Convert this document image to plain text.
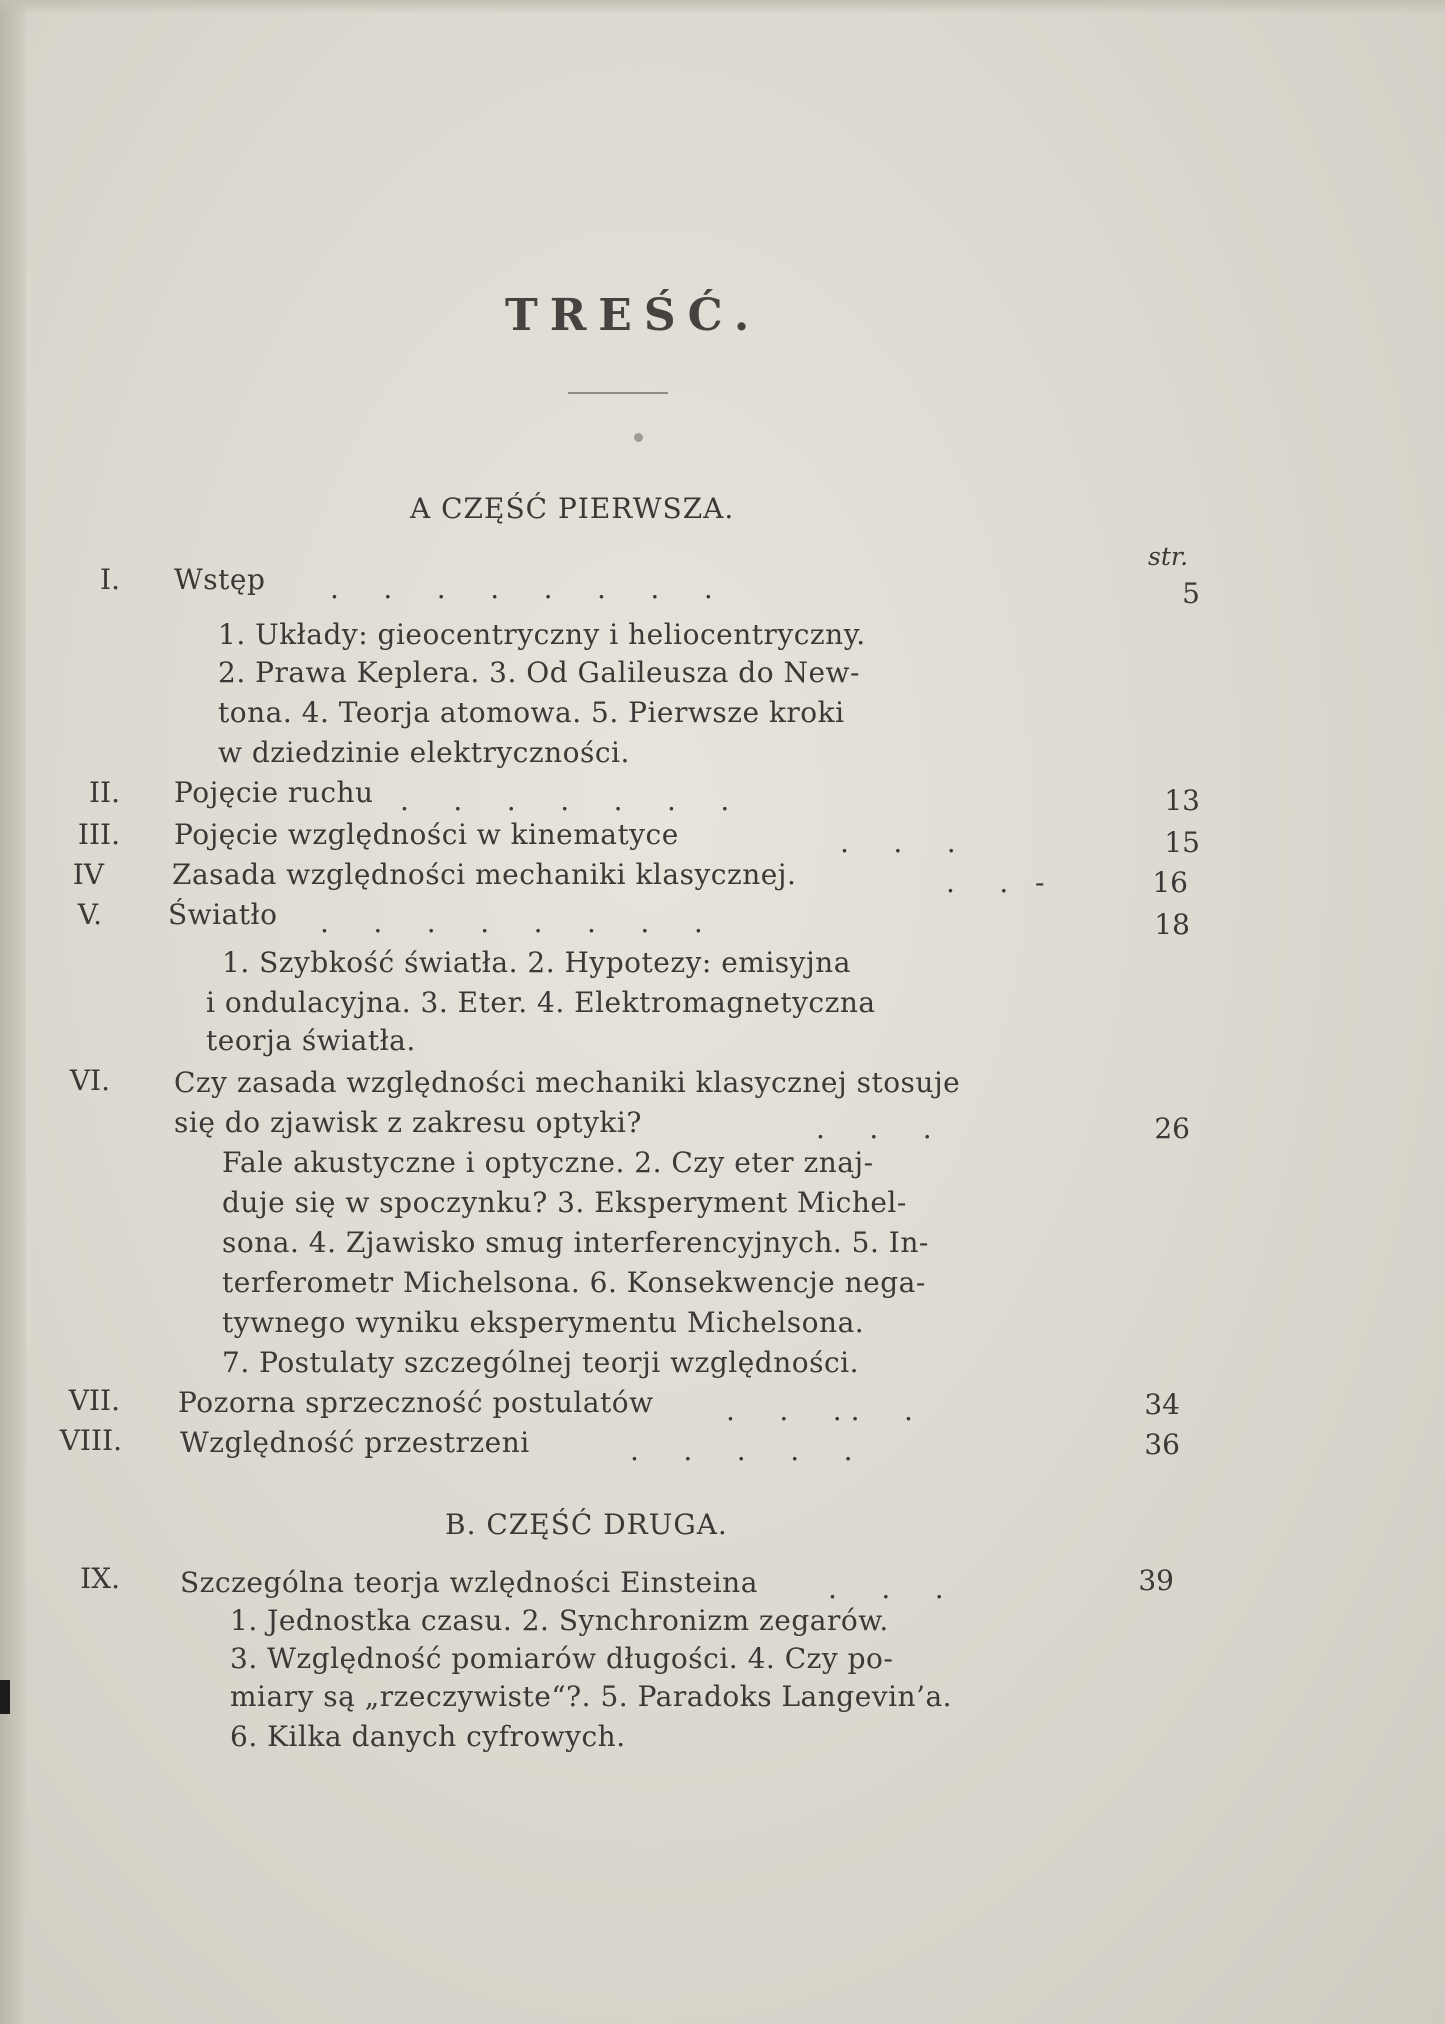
TREŚĆ.
A CZĘŚĆ PIERWSZA.
str.
I. Wstęp .     .     .     .     .     .     .     .	5
1. Układy: gieocentryczny i heliocentryczny.
2. Prawa Keplera. 3. Od Galileusza do New-
tona. 4. Teorja atomowa. 5. Pierwsze kroki
w dziedzinie elektryczności.
II. Pojęcie ruchu .     .     .     .     .     .     .	13
III. Pojęcie względności w kinematyce	.     .     .	15
IV Zasada względności mechaniki klasycznej.	.     .   -	16
V. Światło .     .     .     .     .     .     .     .	18
1. Szybkość światła. 2. Hypotezy: emisyjna
i ondulacyjna. 3. Eter. 4. Elektromagnetyczna
teorja światła.
VI. Czy zasada względności mechaniki klasycznej stosuje
się do zjawisk z zakresu optyki?	.     .     .	26
Fale akustyczne i optyczne. 2. Czy eter znaj-
duje się w spoczynku? 3. Eksperyment Michel-
sona. 4. Zjawisko smug interferencyjnych. 5. In-
terferometr Michelsona. 6. Konsekwencje nega-
tywnego wyniku eksperymentu Michelsona.
7. Postulaty szczególnej teorji względności.
VII. Pozorna sprzeczność postulatów	.     .     . .     .	34
VIII. Względność przestrzeni	.     .     .     .     .	36
B. CZĘŚĆ DRUGA.
IX. Szczególna teorja wzlędności Einsteina	.     .     .	39
1. Jednostka czasu. 2. Synchronizm zegarów.
3. Względność pomiarów długości. 4. Czy po-
miary są „rzeczywiste“?. 5. Paradoks Langevin’a.
6. Kilka danych cyfrowych.
